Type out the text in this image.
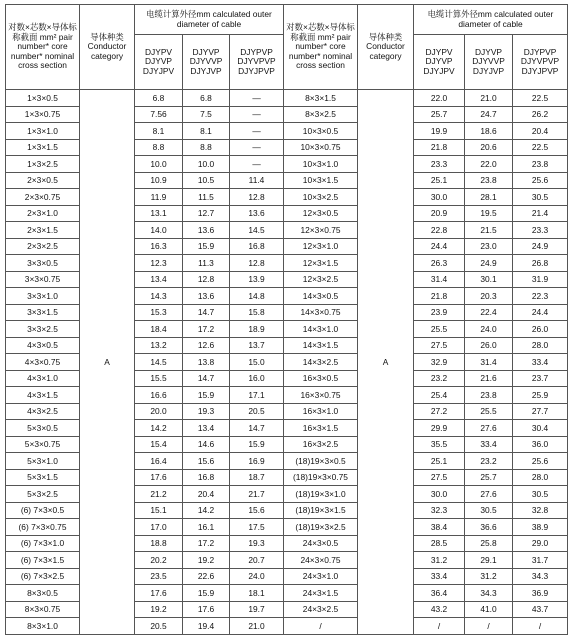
对数×芯数×导体标称截面 mm² pair number* core number* nominal cross section	导体种类 Conductor category	电缆计算外径mm calculated outer diameter of cable			对数×芯数×导体标称截面 mm² pair number* core number* nominal cross section	导体种类 Conductor category	电缆计算外径mm calculated outer diameter of cable		
		DJYPV DJYVP DJYJPV	DJYVP DJYVVP DJYJVP	DJYPVP DJYVPVP DJYJPVP			DJYPV DJYVP DJYJPV	DJYVP DJYVVP DJYJVP	DJYPVP DJYVPVP DJYJPVP
1×3×0.5	A	6.8	6.8	—	8×3×1.5	A	22.0	21.0	22.5
1×3×0.75		7.56	7.5	—	8×3×2.5		25.7	24.7	26.2
1×3×1.0		8.1	8.1	—	10×3×0.5		19.9	18.6	20.4
1×3×1.5		8.8	8.8	—	10×3×0.75		21.8	20.6	22.5
1×3×2.5		10.0	10.0	—	10×3×1.0		23.3	22.0	23.8
2×3×0.5		10.9	10.5	11.4	10×3×1.5		25.1	23.8	25.6
2×3×0.75		11.9	11.5	12.8	10×3×2.5		30.0	28.1	30.5
2×3×1.0		13.1	12.7	13.6	12×3×0.5		20.9	19.5	21.4
2×3×1.5		14.0	13.6	14.5	12×3×0.75		22.8	21.5	23.3
2×3×2.5		16.3	15.9	16.8	12×3×1.0		24.4	23.0	24.9
3×3×0.5		12.3	11.3	12.8	12×3×1.5		26.3	24.9	26.8
3×3×0.75		13.4	12.8	13.9	12×3×2.5		31.4	30.1	31.9
3×3×1.0		14.3	13.6	14.8	14×3×0.5		21.8	20.3	22.3
3×3×1.5		15.3	14.7	15.8	14×3×0.75		23.9	22.4	24.4
3×3×2.5		18.4	17.2	18.9	14×3×1.0		25.5	24.0	26.0
4×3×0.5		13.2	12.6	13.7	14×3×1.5		27.5	26.0	28.0
4×3×0.75		14.5	13.8	15.0	14×3×2.5		32.9	31.4	33.4
4×3×1.0		15.5	14.7	16.0	16×3×0.5		23.2	21.6	23.7
4×3×1.5		16.6	15.9	17.1	16×3×0.75		25.4	23.8	25.9
4×3×2.5		20.0	19.3	20.5	16×3×1.0		27.2	25.5	27.7
5×3×0.5		14.2	13.4	14.7	16×3×1.5		29.9	27.6	30.4
5×3×0.75		15.4	14.6	15.9	16×3×2.5		35.5	33.4	36.0
5×3×1.0		16.4	15.6	16.9	(18)19×3×0.5		25.1	23.2	25.6
5×3×1.5		17.6	16.8	18.7	(18)19×3×0.75		27.5	25.7	28.0
5×3×2.5		21.2	20.4	21.7	(18)19×3×1.0		30.0	27.6	30.5
(6) 7×3×0.5		15.1	14.2	15.6	(18)19×3×1.5		32.3	30.5	32.8
(6) 7×3×0.75		17.0	16.1	17.5	(18)19×3×2.5		38.4	36.6	38.9
(6) 7×3×1.0		18.8	17.2	19.3	24×3×0.5		28.5	25.8	29.0
(6) 7×3×1.5		20.2	19.2	20.7	24×3×0.75		31.2	29.1	31.7
(6) 7×3×2.5		23.5	22.6	24.0	24×3×1.0		33.4	31.2	34.3
8×3×0.5		17.6	15.9	18.1	24×3×1.5		36.4	34.3	36.9
8×3×0.75		19.2	17.6	19.7	24×3×2.5		43.2	41.0	43.7
8×3×1.0		20.5	19.4	21.0	/		/	/	/
